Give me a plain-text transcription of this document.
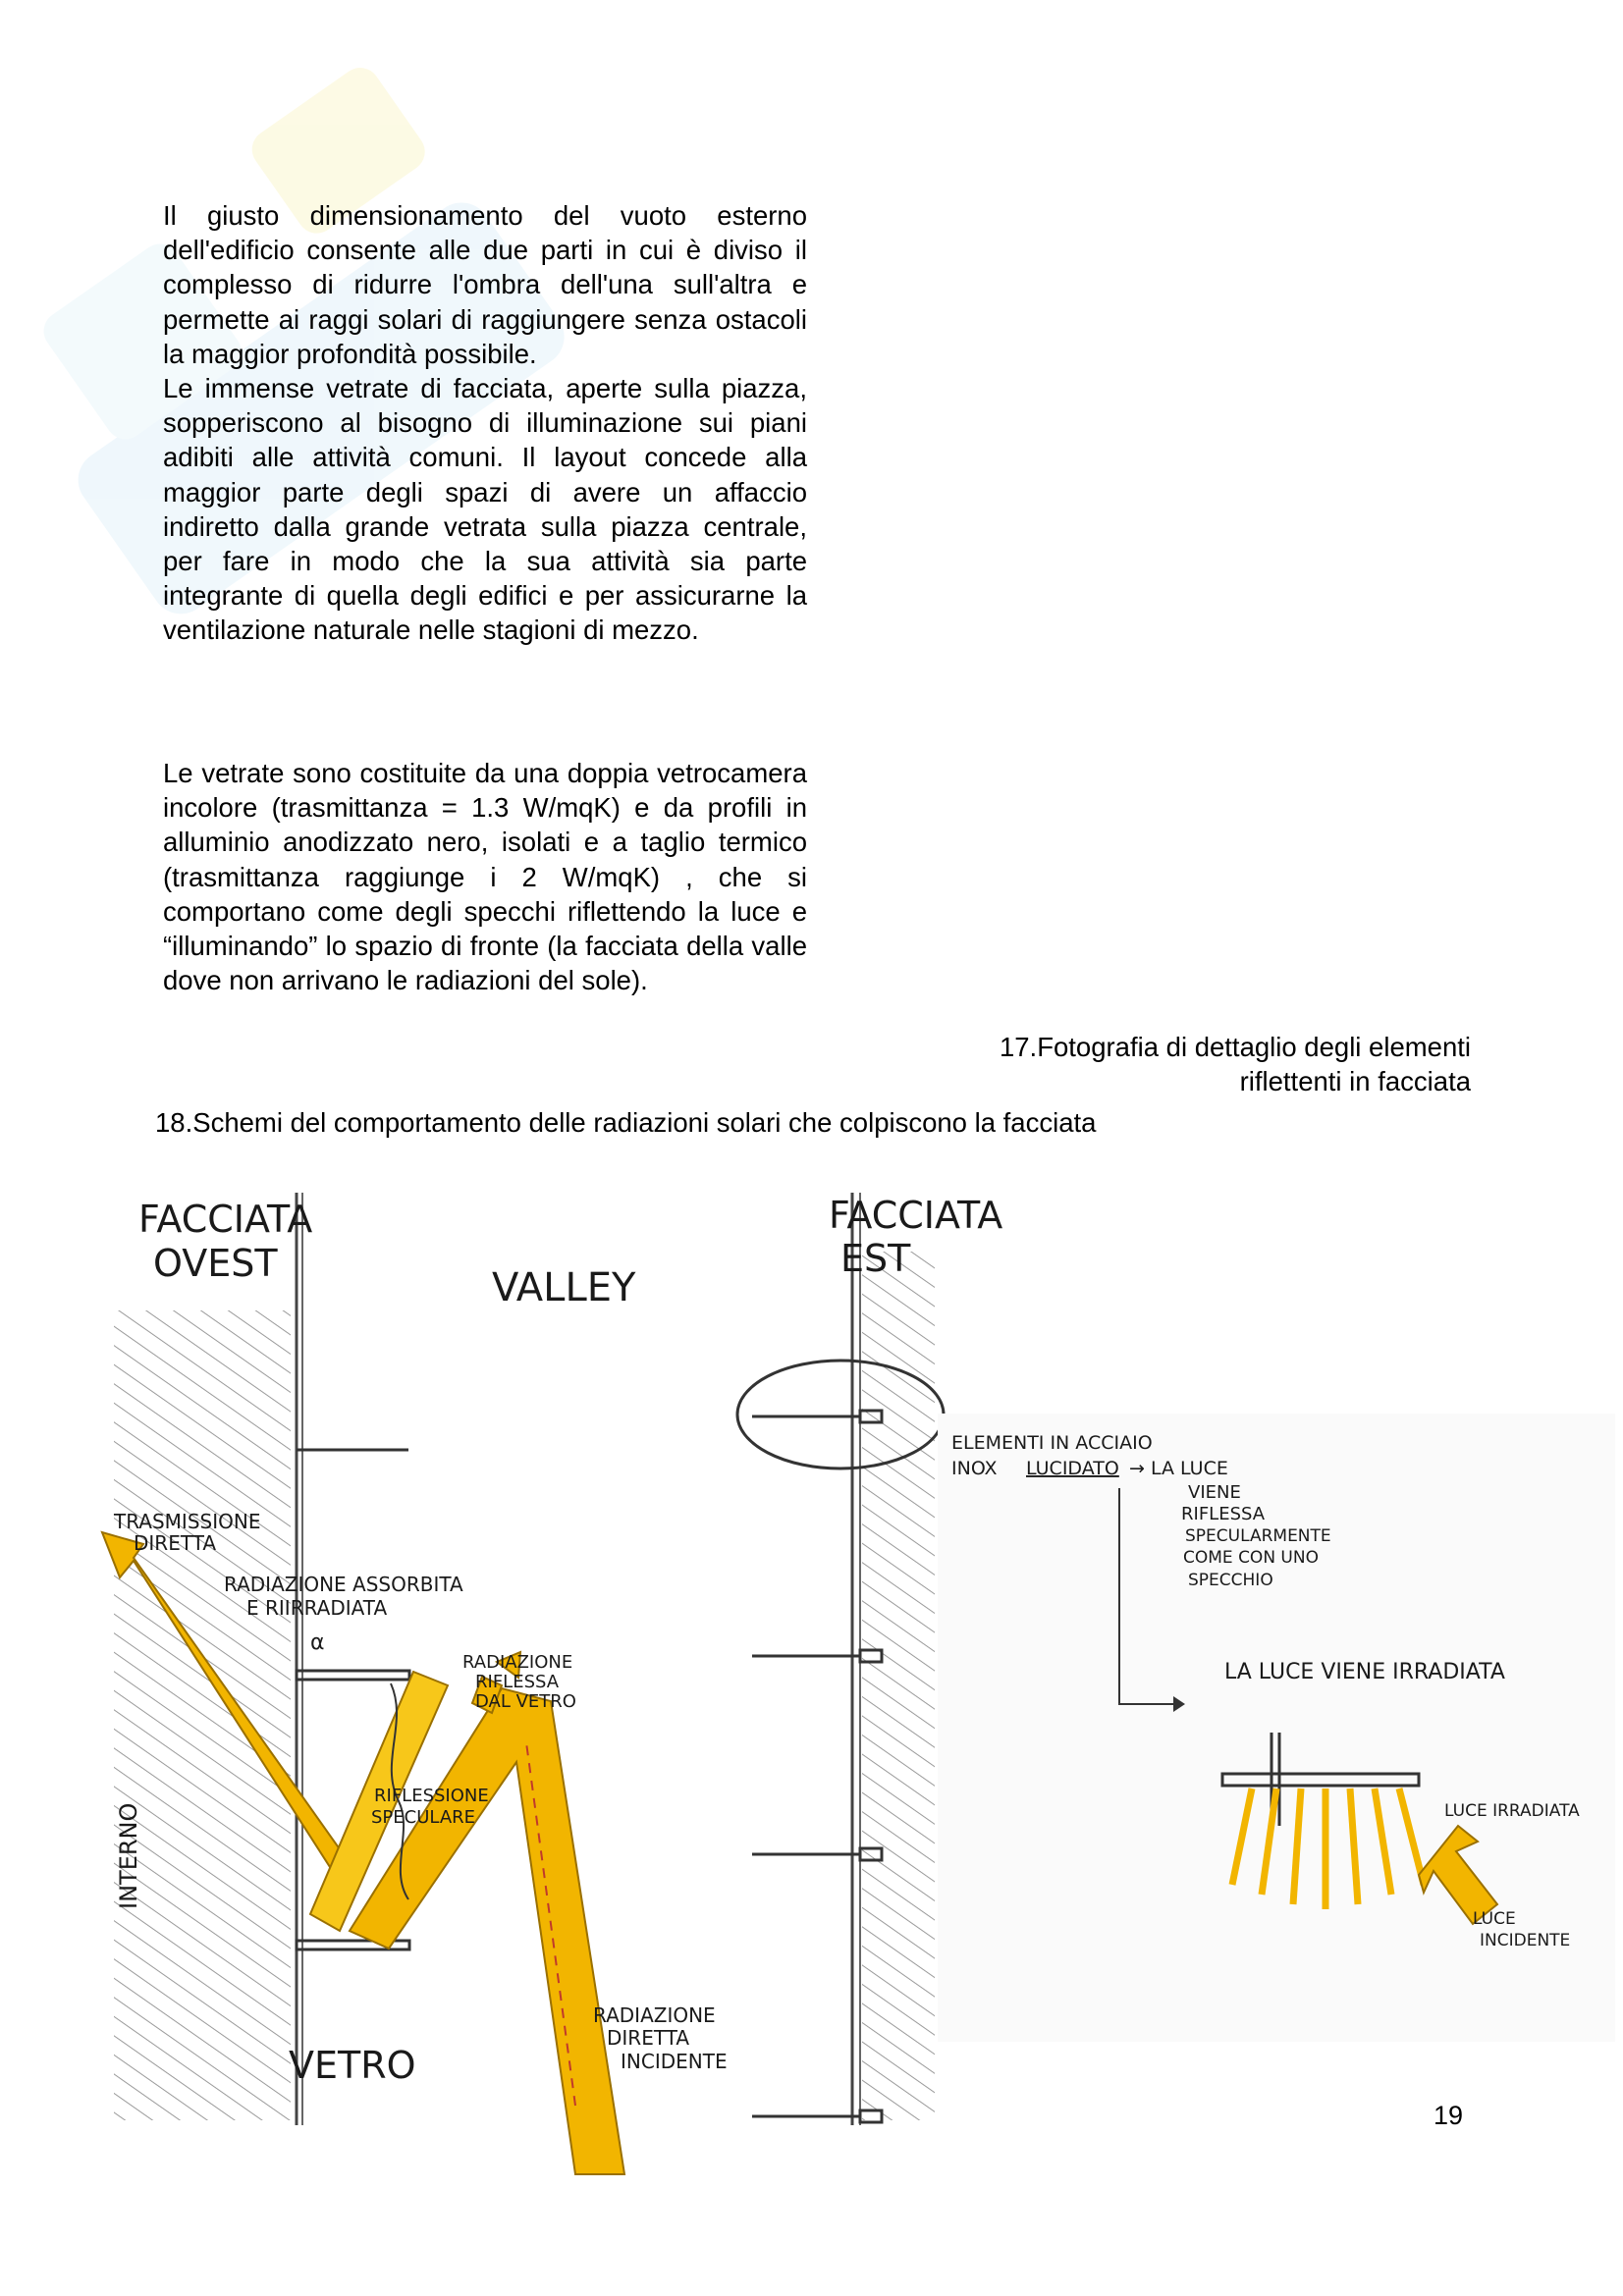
Il giusto dimensionamento del vuoto esterno dell'edificio consente alle due parti in cui è diviso il complesso di ridurre l'ombra dell'una sull'altra e permette ai raggi solari di raggiungere senza ostacoli la maggior profondità possibile.
Le immense vetrate di facciata, aperte sulla piazza, sopperiscono al bisogno di illuminazione sui piani adibiti alle attività comuni. Il layout concede alla maggior parte degli spazi di avere un affaccio indiretto dalla grande vetrata sulla piazza centrale, per fare in modo che la sua attività sia parte integrante di quella degli edifici e per assicurarne la ventilazione naturale nelle stagioni di mezzo.

Le vetrate sono costituite da una doppia vetrocamera incolore (trasmittanza = 1.3 W/mqK) e da profili in alluminio anodizzato nero, isolati e a taglio termico (trasmittanza raggiunge i 2 W/mqK) , che si comportano come degli specchi riflettendo la luce e “illuminando” lo spazio di fronte (la facciata della valle dove non arrivano le radiazioni del sole).

17.Fotografia di dettaglio degli elementi
riflettenti in facciata

18.Schemi del comportamento delle radiazioni solari che colpiscono la facciata

FACCIATA
OVEST
VALLEY
FACCIATA
EST
TRASMISSIONE
DIRETTA
RADIAZIONE ASSORBITA
E RIIRRADIATA
RADIAZIONE
RIFLESSA
DAL VETRO
INTERNO
RIFLESSIONE
SPECULARE
α
VETRO
RADIAZIONE
DIRETTA
INCIDENTE
ELEMENTI IN ACCIAIO
INOX LUCIDATO → LA LUCE
VIENE
RIFLESSA
SPECULARMENTE
COME CON UNO
SPECCHIO
LA LUCE VIENE IRRADIATA
LUCE IRRADIATA
LUCE
INCIDENTE
19
